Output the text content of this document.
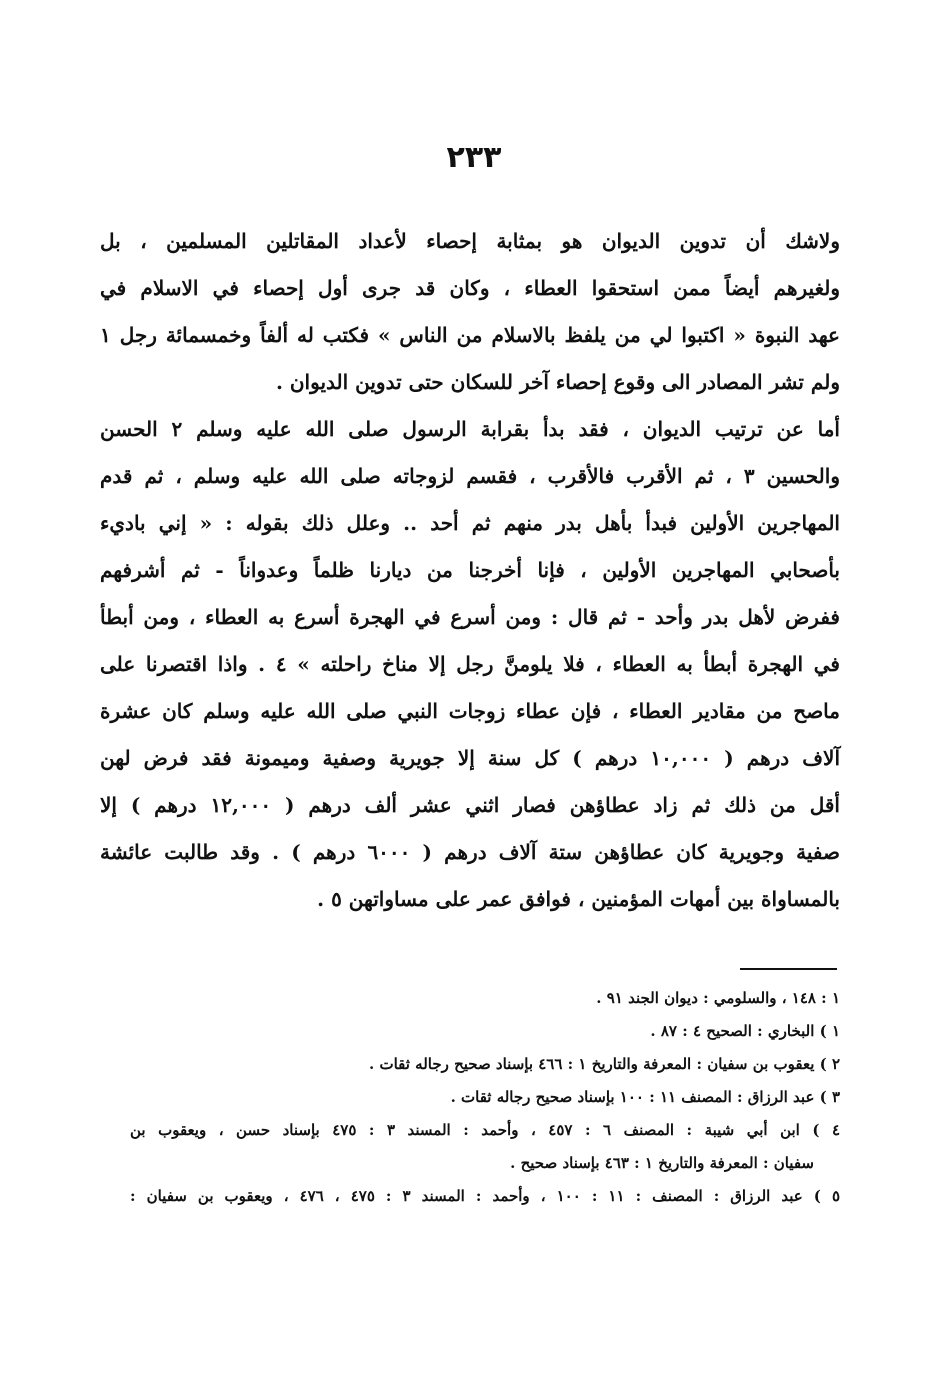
٢٣٣
ولاشك أن تدوين الديوان هو بمثابة إحصاء لأعداد المقاتلين المسلمين ، بل
ولغيرهم أيضاً ممن استحقوا العطاء ، وكان قد جرى أول إحصاء في الاسلام في
عهد النبوة « اكتبوا لي من يلفظ بالاسلام من الناس » فكتب له ألفاً وخمسمائة رجل ١
ولم تشر المصادر الى وقوع إحصاء آخر للسكان حتى تدوين الديوان .
أما عن ترتيب الديوان ، فقد بدأ بقرابة الرسول صلى الله عليه وسلم ٢ الحسن
والحسين ٣ ، ثم الأقرب فالأقرب ، فقسم لزوجاته صلى الله عليه وسلم ، ثم قدم
المهاجرين الأولين فبدأ بأهل بدر منهم ثم أحد .. وعلل ذلك بقوله : « إني باديء
بأصحابي المهاجرين الأولين ، فإنا أخرجنا من ديارنا ظلماً وعدواناً - ثم أشرفهم
ففرض لأهل بدر وأحد - ثم قال : ومن أسرع في الهجرة أسرع به العطاء ، ومن أبطأ
في الهجرة أبطأ به العطاء ، فلا يلومنَّ رجل إلا مناخ راحلته » ٤ . واذا اقتصرنا على
ماصح من مقادير العطاء ، فإن عطاء زوجات النبي صلى الله عليه وسلم كان عشرة
آلاف درهم ( ١٠,٠٠٠ درهم ) كل سنة إلا جويرية وصفية وميمونة فقد فرض لهن
أقل من ذلك ثم زاد عطاؤهن فصار اثني عشر ألف درهم ( ١٢,٠٠٠ درهم ) إلا
صفية وجويرية كان عطاؤهن ستة آلاف درهم ( ٦٠٠٠ درهم ) . وقد طالبت عائشة
بالمساواة بين أمهات المؤمنين ، فوافق عمر على مساواتهن ٥ .
١ : ١٤٨ ، والسلومي : ديوان الجند ٩١ .
١ ) البخاري : الصحيح ٤ : ٨٧ .
٢ ) يعقوب بن سفيان : المعرفة والتاريخ ١ : ٤٦٦ بإسناد صحيح رجاله ثقات .
٣ ) عبد الرزاق : المصنف ١١ : ١٠٠ بإسناد صحيح رجاله ثقات .
٤ ) ابن أبي شيبة : المصنف ٦ : ٤٥٧ ، وأحمد : المسند ٣ : ٤٧٥ بإسناد حسن ، ويعقوب بن
سفيان : المعرفة والتاريخ ١ : ٤٦٣ بإسناد صحيح .
٥ ) عبد الرزاق : المصنف : ١١ : ١٠٠ ، وأحمد : المسند ٣ : ٤٧٥ ، ٤٧٦ ، ويعقوب بن سفيان :
